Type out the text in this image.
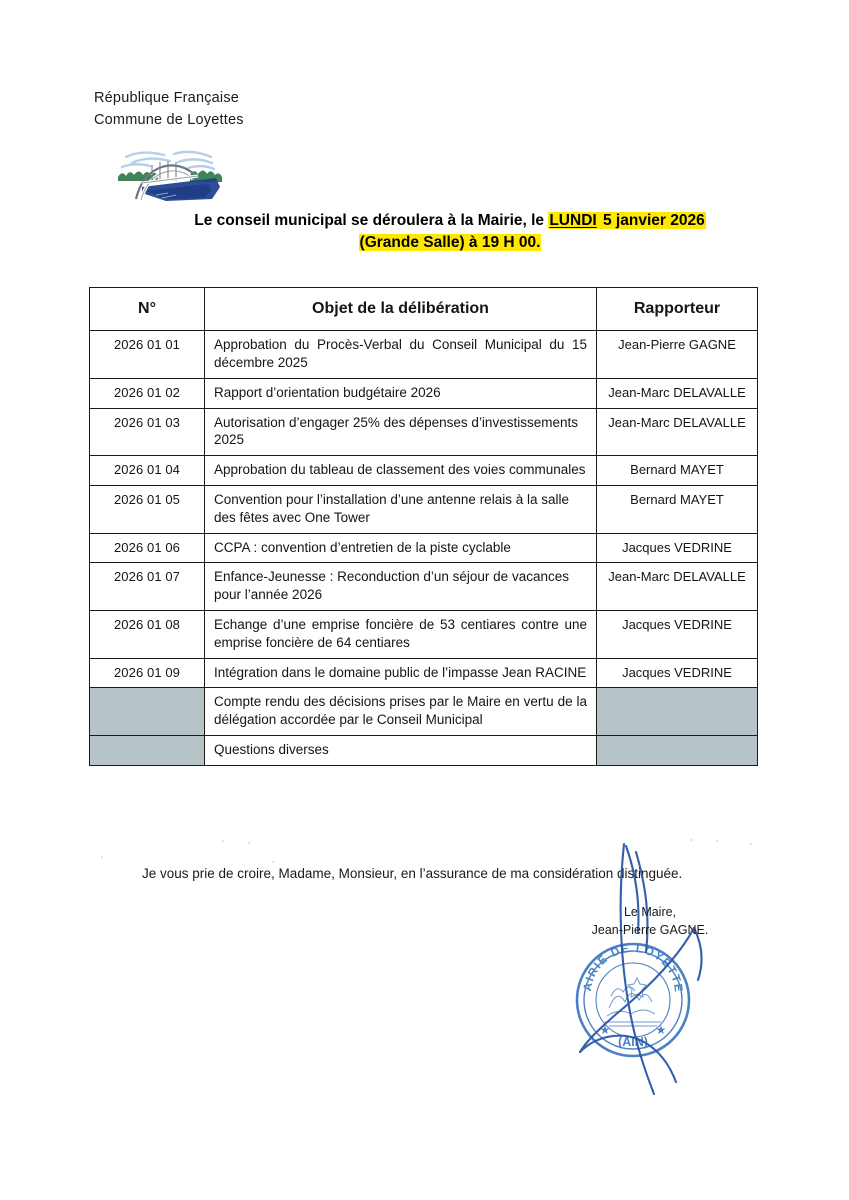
République Française
Commune de Loyettes
Le conseil municipal se déroulera à la Mairie, le LUNDI 5 janvier 2026
(Grande Salle) à 19 H 00.
N°	Objet de la délibération	Rapporteur
2026 01 01	Approbation du Procès-Verbal du Conseil Municipal du 15 décembre 2025	Jean-Pierre GAGNE
2026 01 02	Rapport d’orientation budgétaire 2026	Jean-Marc DELAVALLE
2026 01 03	Autorisation d’engager 25% des dépenses d’investissements 2025	Jean-Marc DELAVALLE
2026 01 04	Approbation du tableau de classement des voies communales	Bernard MAYET
2026 01 05	Convention pour l’installation d’une antenne relais à la salle des fêtes avec One Tower	Bernard MAYET
2026 01 06	CCPA : convention d’entretien de la piste cyclable	Jacques VEDRINE
2026 01 07	Enfance-Jeunesse : Reconduction d’un séjour de vacances pour l’année 2026	Jean-Marc DELAVALLE
2026 01 08	Echange d’une emprise foncière de 53 centiares contre une emprise foncière de 64 centiares	Jacques VEDRINE
2026 01 09	Intégration dans le domaine public de l’impasse Jean RACINE	Jacques VEDRINE
	Compte rendu des décisions prises par le Maire en vertu de la délégation accordée par le Conseil Municipal	
	Questions diverses	
Je vous prie de croire, Madame, Monsieur, en l’assurance de ma considération distinguée.
MAIRIE DE LOYETTES
★	★
(AIN)
Le Maire,
Jean-Pierre GAGNE.
